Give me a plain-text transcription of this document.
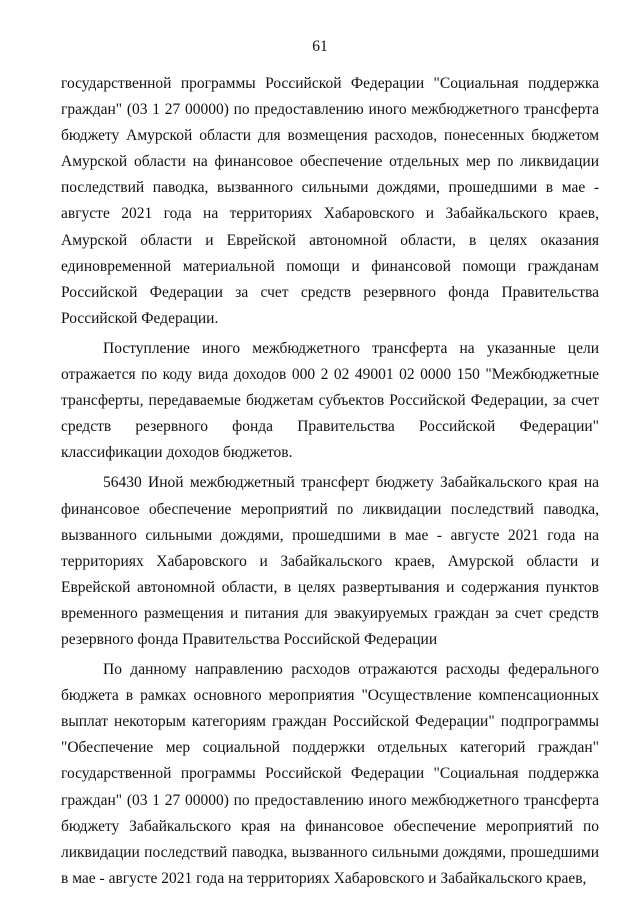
61

государственной программы Российской Федерации "Социальная поддержка граждан" (03 1 27 00000) по предоставлению иного межбюджетного трансферта бюджету Амурской области для возмещения расходов, понесенных бюджетом Амурской области на финансовое обеспечение отдельных мер по ликвидации последствий паводка, вызванного сильными дождями, прошедшими в мае - августе 2021 года на территориях Хабаровского и Забайкальского краев, Амурской области и Еврейской автономной области, в целях оказания единовременной материальной помощи и финансовой помощи гражданам Российской Федерации за счет средств резервного фонда Правительства Российской Федерации.

Поступление иного межбюджетного трансферта на указанные цели отражается по коду вида доходов 000 2 02 49001 02 0000 150 "Межбюджетные трансферты, передаваемые бюджетам субъектов Российской Федерации, за счет средств резервного фонда Правительства Российской Федерации" классификации доходов бюджетов.

56430 Иной межбюджетный трансферт бюджету Забайкальского края на финансовое обеспечение мероприятий по ликвидации последствий паводка, вызванного сильными дождями, прошедшими в мае - августе 2021 года на территориях Хабаровского и Забайкальского краев, Амурской области и Еврейской автономной области, в целях развертывания и содержания пунктов временного размещения и питания для эвакуируемых граждан за счет средств резервного фонда Правительства Российской Федерации

По данному направлению расходов отражаются расходы федерального бюджета в рамках основного мероприятия "Осуществление компенсационных выплат некоторым категориям граждан Российской Федерации" подпрограммы "Обеспечение мер социальной поддержки отдельных категорий граждан" государственной программы Российской Федерации "Социальная поддержка граждан" (03 1 27 00000) по предоставлению иного межбюджетного трансферта бюджету Забайкальского края на финансовое обеспечение мероприятий по ликвидации последствий паводка, вызванного сильными дождями, прошедшими в мае - августе 2021 года на территориях Хабаровского и Забайкальского краев,
